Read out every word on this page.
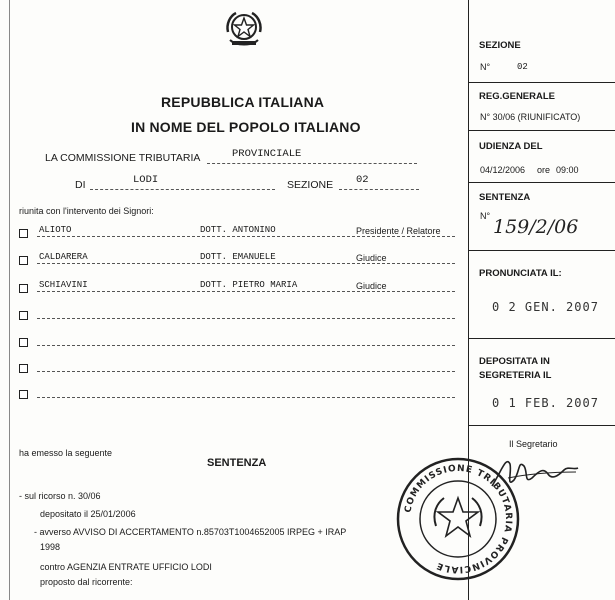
REPUBBLICA ITALIANA
IN NOME DEL POPOLO ITALIANO
LA COMMISSIONE TRIBUTARIA	PROVINCIALE
DI	LODI	SEZIONE 02
riunita con l'intervento dei Signori:
ALIOTO	DOTT. ANTONINO	Presidente / Relatore
CALDARERA	DOTT. EMANUELE	Giudice
SCHIAVINI	DOTT. PIETRO MARIA	Giudice
ha emesso la seguente
SENTENZA
- sul ricorso n. 30/06
depositato il 25/01/2006
- avverso AVVISO DI ACCERTAMENTO n.85703T1004652005 IRPEG + IRAP
1998
contro AGENZIA ENTRATE UFFICIO LODI
proposto dal ricorrente:
SEZIONE
N°	02
REG.GENERALE
N° 30/06 (RIUNIFICATO)
UDIENZA DEL
04/12/2006 ore 09:00
SENTENZA
N° 159/2/06
PRONUNCIATA IL:
0 2 GEN. 2007
DEPOSITATA IN
SEGRETERIA IL
0 1 FEB. 2007
Il Segretario
COMMISSIONE TRIBUTARIA PROVINCIALE
